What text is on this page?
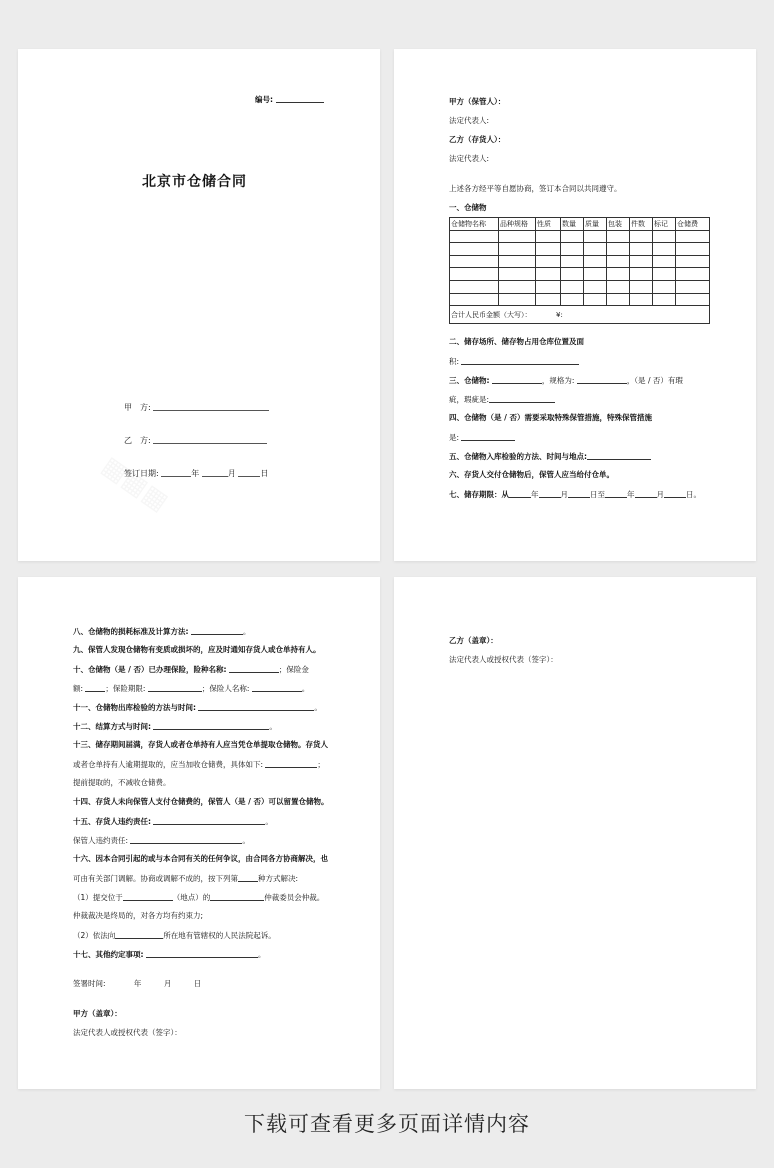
编号:
北京市仓储合同
甲　方:
乙　方:
签订日期:	年	月	日
甲方（保管人）：
法定代表人:
乙方（存货人）：
法定代表人:
上述各方经平等自愿协商，签订本合同以共同遵守。
一、仓储物
仓储物名称	品种规格	性质	数量	质量	包装	件数	标记	仓储费

合计人民币金额（大写）：　　　　¥:								
二、储存场所、储存物占用仓库位置及面
积:
三、仓储物:	，规格为:	，（是 / 否）有瑕
疵，瑕疵是:
四、仓储物（是 / 否）需要采取特殊保管措施，特殊保管措施
是:
五、仓储物入库检验的方法、时间与地点:
六、存货人交付仓储物后，保管人应当给付仓单。
七、储存期限：从	年	月	日至	年	月	日。
八、仓储物的损耗标准及计算方法:	。
九、保管人发现仓储物有变质或损坏的，应及时通知存货人或仓单持有人。
十、仓储物（是 / 否）已办理保险，险种名称:	；保险金
额:	；保险期限:	；保险人名称:	。
十一、仓储物出库检验的方法与时间:	。
十二、结算方式与时间:	。
十三、储存期间届满，存货人或者仓单持有人应当凭仓单提取仓储物。存货人
或者仓单持有人逾期提取的，应当加收仓储费，具体如下:	；
提前提取的，不减收仓储费。
十四、存货人未向保管人支付仓储费的，保管人（是 / 否）可以留置仓储物。
十五、存货人违约责任:	。
保管人违约责任:	。
十六、因本合同引起的或与本合同有关的任何争议，由合同各方协商解决，也
可由有关部门调解。协商或调解不成的，按下列第	种方式解决:
（1）提交位于	（地点）的	仲裁委员会仲裁。
仲裁裁决是终局的，对各方均有约束力;
（2）依法向	所在地有管辖权的人民法院起诉。
十七、其他约定事项:	。
签署时间:	年	月	日
甲方（盖章）：
法定代表人或授权代表（签字）：
乙方（盖章）：
法定代表人或授权代表（签字）：
下载可查看更多页面详情内容
